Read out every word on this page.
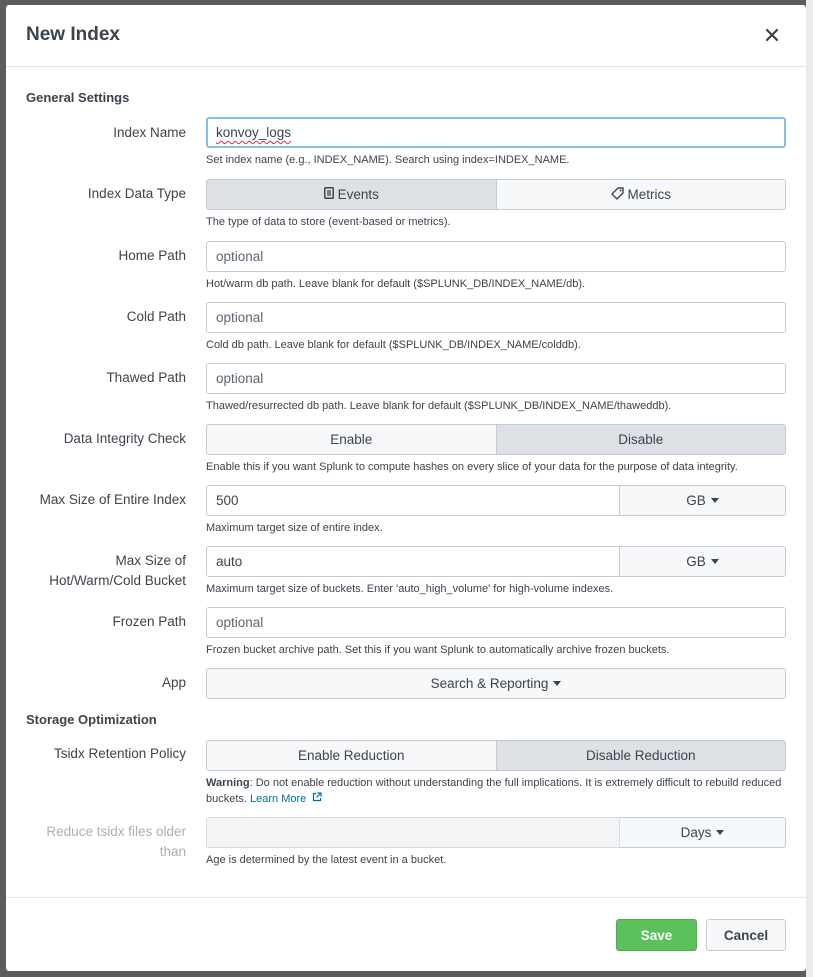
New Index
General Settings
Index Name	konvoy_logs
Set index name (e.g., INDEX_NAME). Search using index=INDEX_NAME.
Index Data Type	Events	Metrics
The type of data to store (event-based or metrics).
Home Path	optional
Hot/warm db path. Leave blank for default ($SPLUNK_DB/INDEX_NAME/db).
Cold Path	optional
Cold db path. Leave blank for default ($SPLUNK_DB/INDEX_NAME/colddb).
Thawed Path	optional
Thawed/resurrected db path. Leave blank for default ($SPLUNK_DB/INDEX_NAME/thaweddb).
Data Integrity Check	Enable	Disable
Enable this if you want Splunk to compute hashes on every slice of your data for the purpose of data integrity.
Max Size of Entire Index	500	GB
Maximum target size of entire index.
Max Size of
Hot/Warm/Cold Bucket
auto	GB
Maximum target size of buckets. Enter 'auto_high_volume' for high-volume indexes.
Frozen Path	optional
Frozen bucket archive path. Set this if you want Splunk to automatically archive frozen buckets.
App	Search & Reporting
Storage Optimization
Tsidx Retention Policy	Enable Reduction	Disable Reduction
Warning: Do not enable reduction without understanding the full implications. It is extremely difficult to rebuild reduced buckets. Learn More
Reduce tsidx files older
than
Days
Age is determined by the latest event in a bucket.
Save	Cancel
